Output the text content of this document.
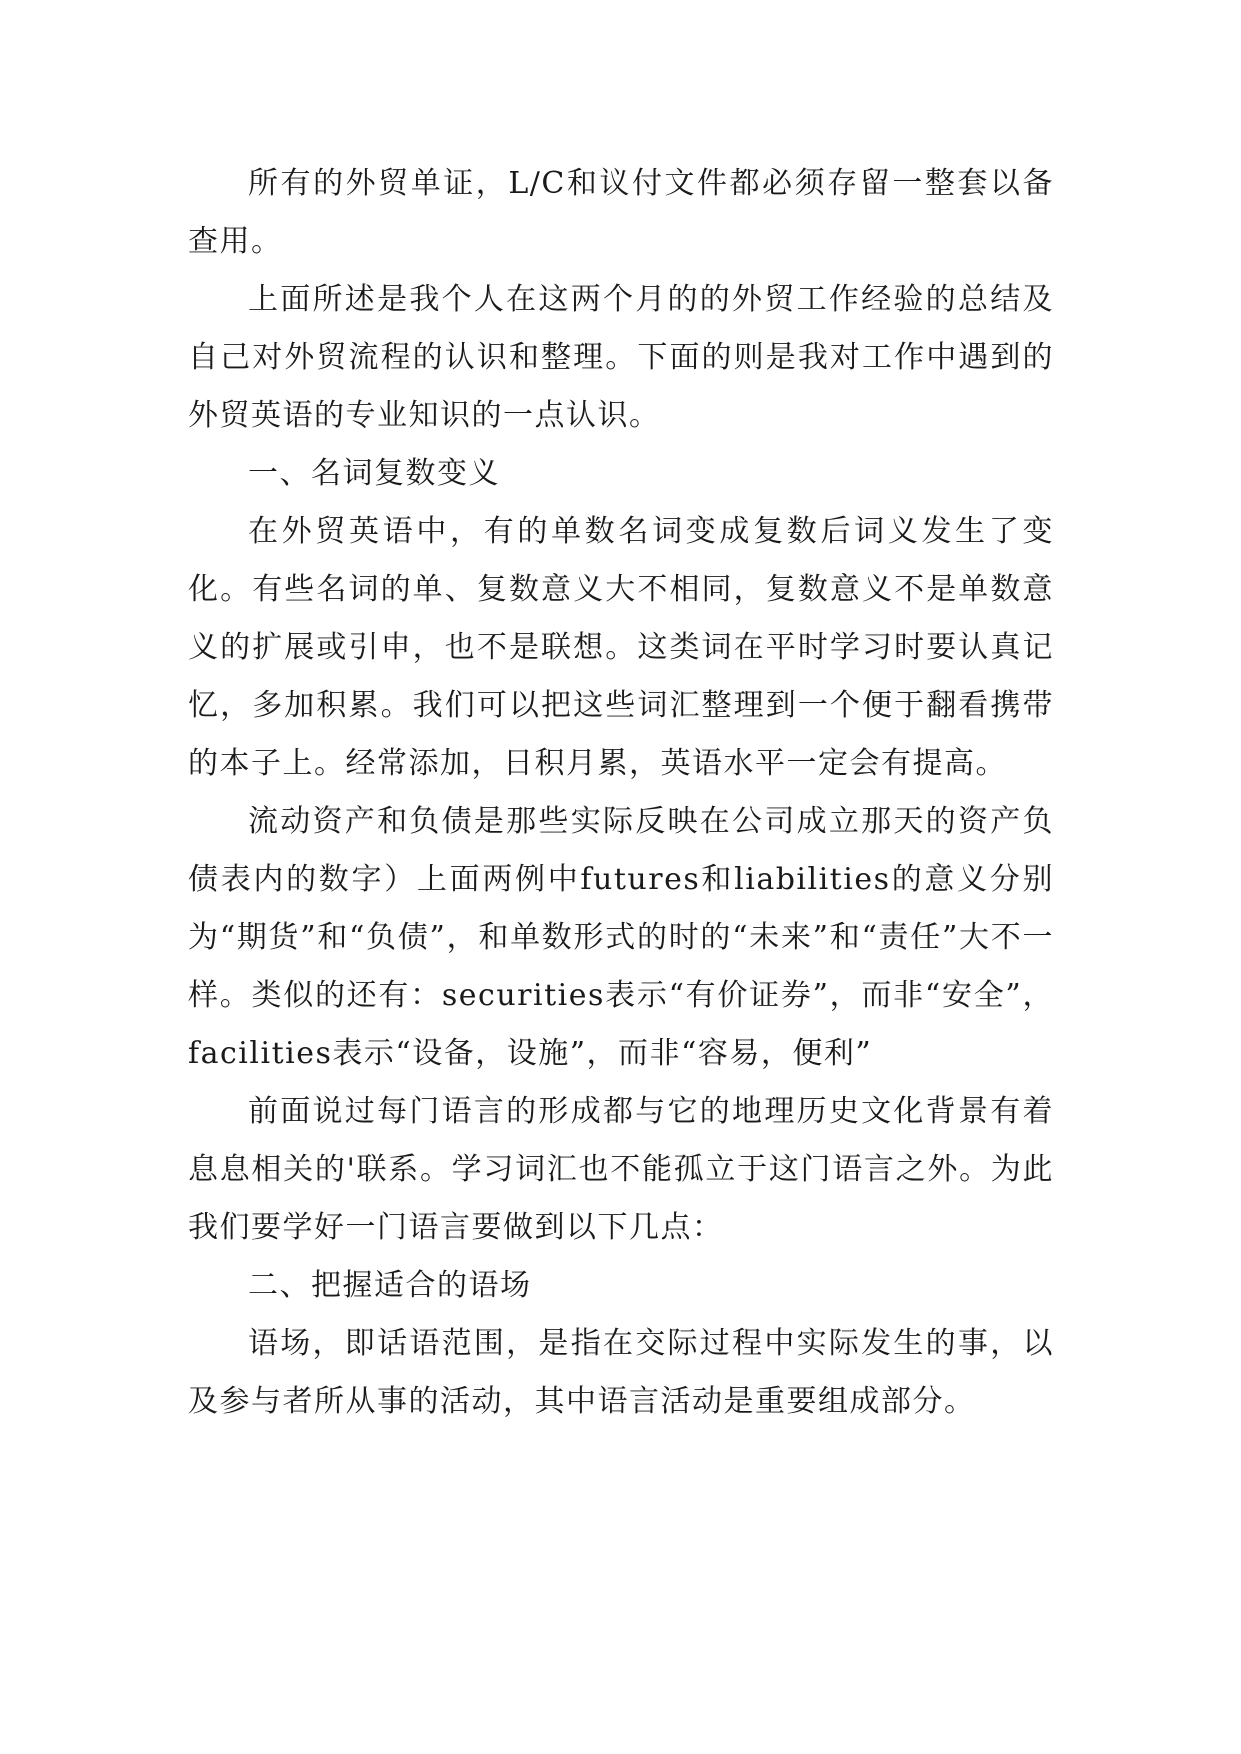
所有的外贸单证，L/C和议付文件都必须存留一整套以备查用。

上面所述是我个人在这两个月的的外贸工作经验的总结及自己对外贸流程的认识和整理。下面的则是我对工作中遇到的外贸英语的专业知识的一点认识。

一、名词复数变义

在外贸英语中，有的单数名词变成复数后词义发生了变化。有些名词的单、复数意义大不相同，复数意义不是单数意义的扩展或引申，也不是联想。这类词在平时学习时要认真记忆，多加积累。我们可以把这些词汇整理到一个便于翻看携带的本子上。经常添加，日积月累，英语水平一定会有提高。

流动资产和负债是那些实际反映在公司成立那天的资产负债表内的数字）上面两例中futures和liabilities的意义分别为“期货”和“负债”，和单数形式的时的“未来”和“责任”大不一样。类似的还有：securities表示“有价证券”，而非“安全”，facilities表示“设备，设施”，而非“容易，便利”

前面说过每门语言的形成都与它的地理历史文化背景有着息息相关的'联系。学习词汇也不能孤立于这门语言之外。为此我们要学好一门语言要做到以下几点：

二、把握适合的语场

语场，即话语范围，是指在交际过程中实际发生的事，以及参与者所从事的活动，其中语言活动是重要组成部分。
